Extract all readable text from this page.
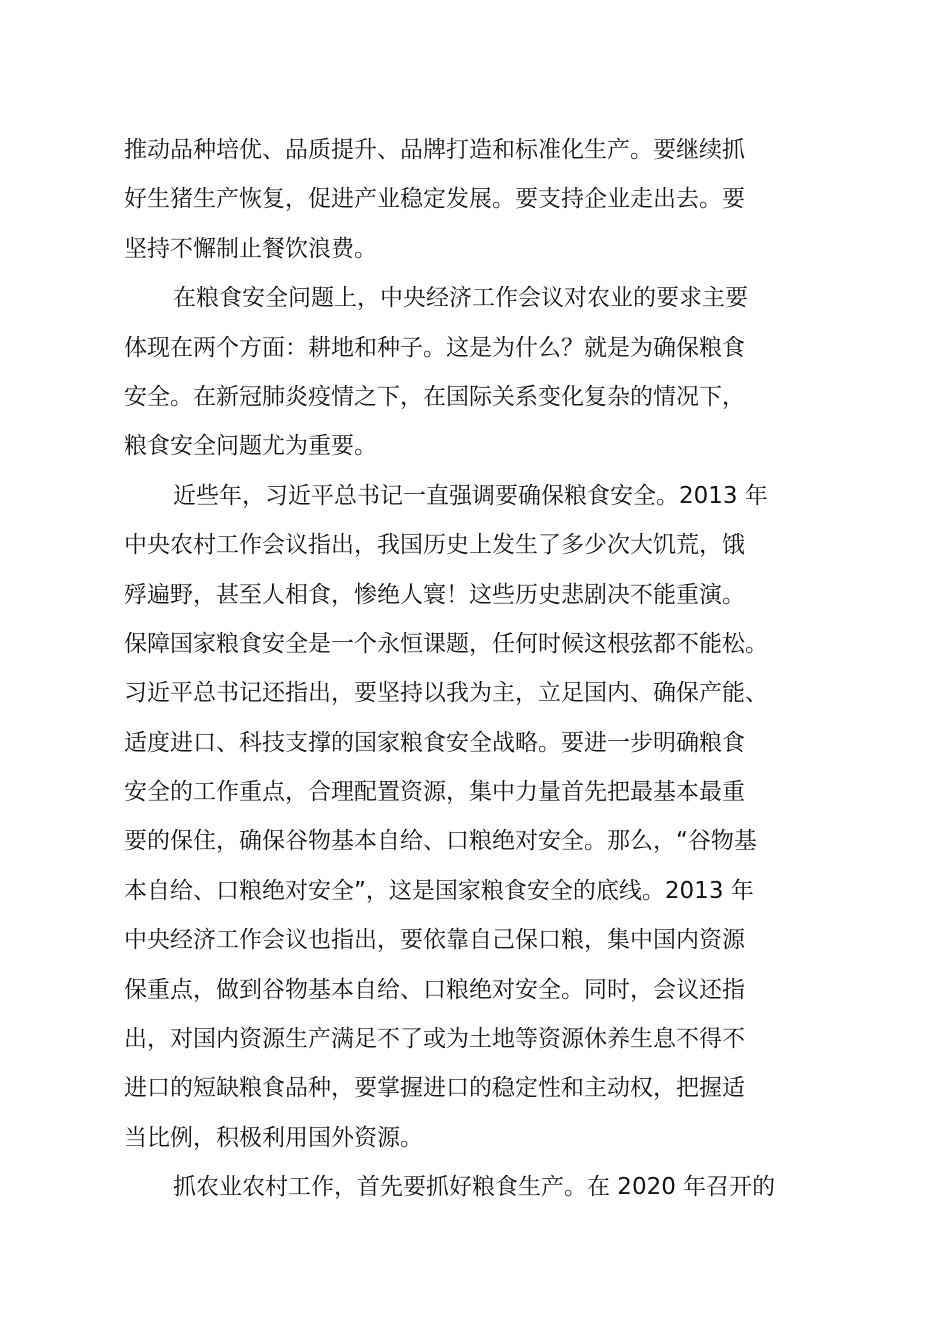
推动品种培优、品质提升、品牌打造和标准化生产。要继续抓
好生猪生产恢复，促进产业稳定发展。要支持企业走出去。要
坚持不懈制止餐饮浪费。
在粮食安全问题上，中央经济工作会议对农业的要求主要
体现在两个方面：耕地和种子。这是为什么？就是为确保粮食
安全。在新冠肺炎疫情之下，在国际关系变化复杂的情况下，
粮食安全问题尤为重要。
近些年，习近平总书记一直强调要确保粮食安全。2013 年
中央农村工作会议指出，我国历史上发生了多少次大饥荒，饿
殍遍野，甚至人相食，惨绝人寰！这些历史悲剧决不能重演。
保障国家粮食安全是一个永恒课题，任何时候这根弦都不能松。
习近平总书记还指出，要坚持以我为主，立足国内、确保产能、
适度进口、科技支撑的国家粮食安全战略。要进一步明确粮食
安全的工作重点，合理配置资源，集中力量首先把最基本最重
要的保住，确保谷物基本自给、口粮绝对安全。那么，“谷物基
本自给、口粮绝对安全”，这是国家粮食安全的底线。2013 年
中央经济工作会议也指出，要依靠自己保口粮，集中国内资源
保重点，做到谷物基本自给、口粮绝对安全。同时，会议还指
出，对国内资源生产满足不了或为土地等资源休养生息不得不
进口的短缺粮食品种，要掌握进口的稳定性和主动权，把握适
当比例，积极利用国外资源。
抓农业农村工作，首先要抓好粮食生产。在 2020 年召开的
